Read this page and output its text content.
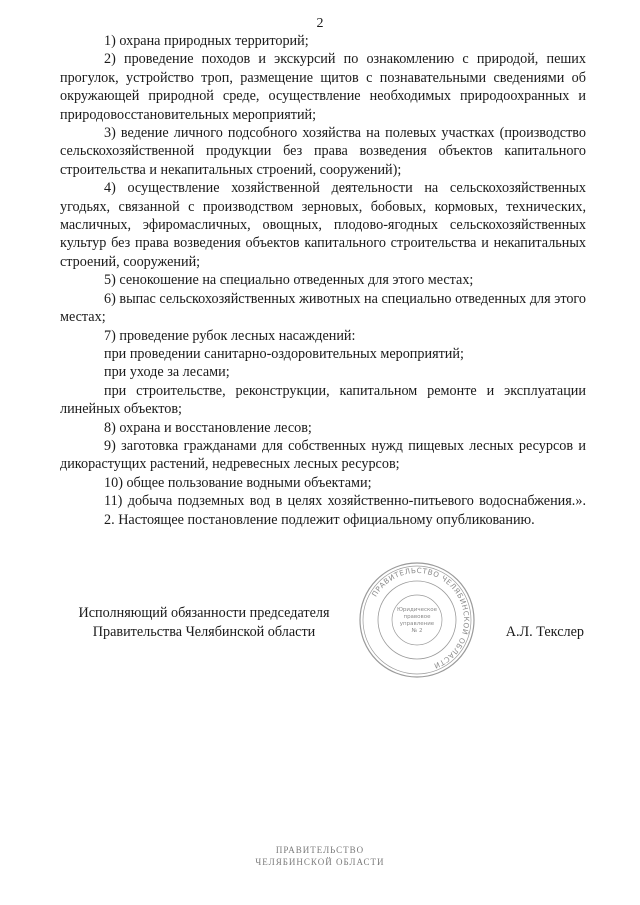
2

1) охрана природных территорий;

2) проведение походов и экскурсий по ознакомлению с природой, пеших прогулок, устройство троп, размещение щитов с познавательными сведениями об окружающей природной среде, осуществление необходимых природоохранных и природовосстановительных мероприятий;

3) ведение личного подсобного хозяйства на полевых участках (производство сельскохозяйственной продукции без права возведения объектов капитального строительства и некапитальных строений, сооружений);

4) осуществление хозяйственной деятельности на сельскохозяйственных угодьях, связанной с производством зерновых, бобовых, кормовых, технических, масличных, эфиромасличных, овощных, плодово-ягодных сельскохозяйственных культур без права возведения объектов капитального строительства и некапитальных строений, сооружений;

5) сенокошение на специально отведенных для этого местах;

6) выпас сельскохозяйственных животных на специально отведенных для этого местах;

7) проведение рубок лесных насаждений:

при проведении санитарно-оздоровительных мероприятий;

при уходе за лесами;

при строительстве, реконструкции, капитальном ремонте и эксплуатации линейных объектов;

8) охрана и восстановление лесов;

9) заготовка гражданами для собственных нужд пищевых лесных ресурсов и дикорастущих растений, недревесных лесных ресурсов;

10) общее пользование водными объектами;

11) добыча подземных вод в целях хозяйственно-питьевого водоснабжения.».

2. Настоящее постановление подлежит официальному опубликованию.

ПРАВИТЕЛЬСТВО ЧЕЛЯБИНСКОЙ ОБЛАСТИ
Юридическое
правовое
управление
№ 2
Исполняющий обязанности председателя
Правительства Челябинской области	А.Л. Текслер
ПРАВИТЕЛЬСТВО
ЧЕЛЯБИНСКОЙ ОБЛАСТИ
